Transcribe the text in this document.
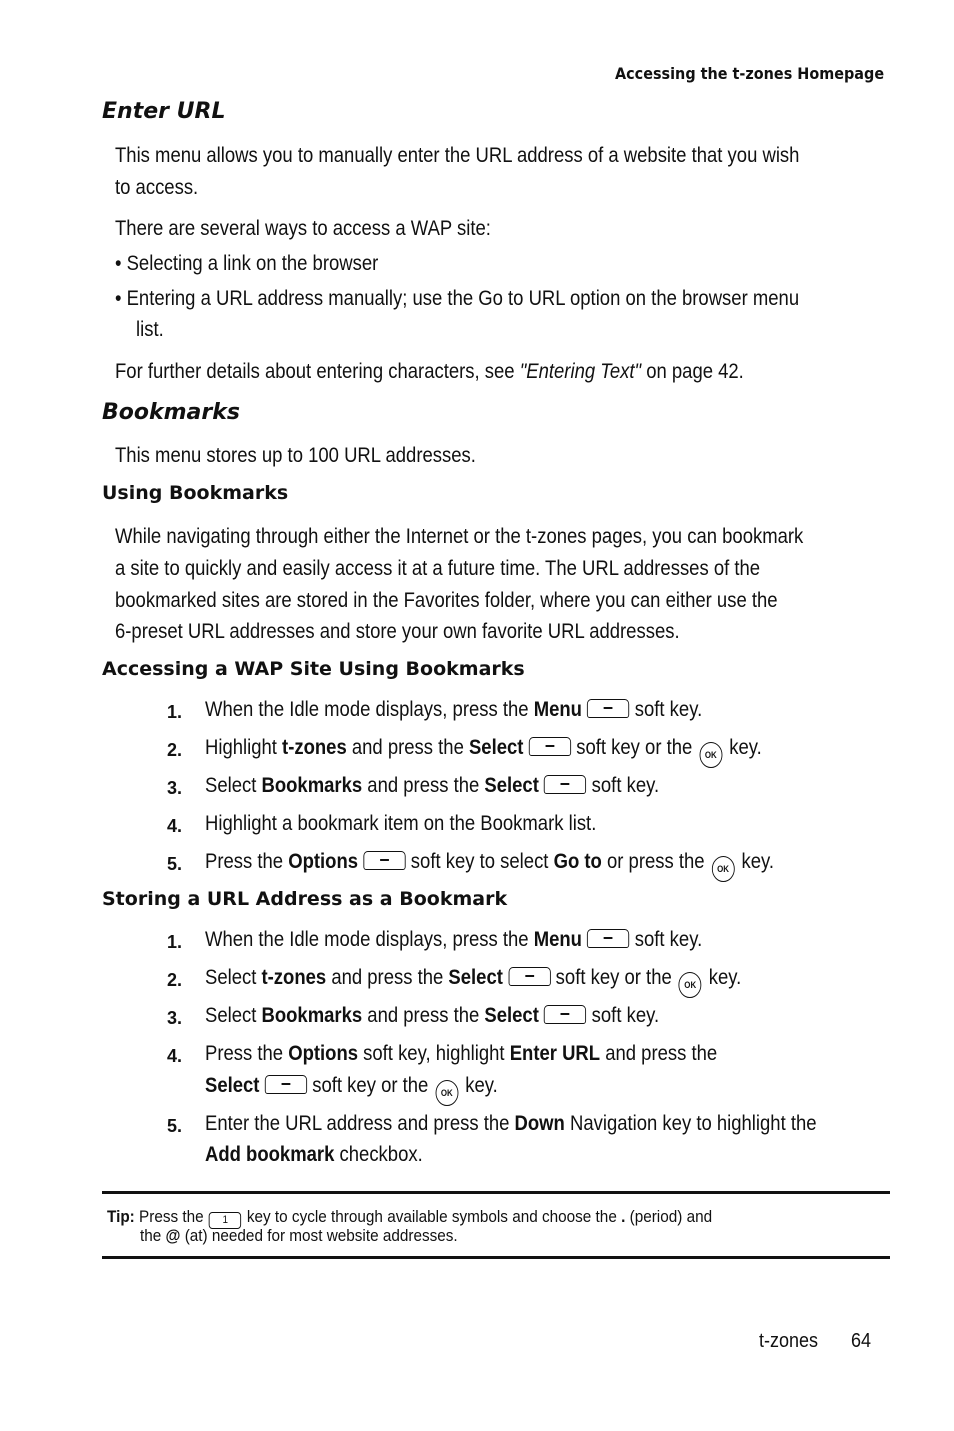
Accessing the t-zones Homepage
Enter URL
This menu allows you to manually enter the URL address of a website that you wish
to access.
There are several ways to access a WAP site:
• Selecting a link on the browser
• Entering a URL address manually; use the Go to URL option on the browser menu
list.
For further details about entering characters, see "Entering Text" on page 42.
Bookmarks
This menu stores up to 100 URL addresses.
Using Bookmarks
While navigating through either the Internet or the t-zones pages, you can bookmark
a site to quickly and easily access it at a future time. The URL addresses of the
bookmarked sites are stored in the Favorites folder, where you can either use the
6-preset URL addresses and store your own favorite URL addresses.
Accessing a WAP Site Using Bookmarks
1. When the Idle mode displays, press the Menu	soft key.
2. Highlight t-zones and press the Select	soft key or the OK key.
3. Select Bookmarks and press the Select	soft key.
4. Highlight a bookmark item on the Bookmark list.
5. Press the Options	soft key to select Go to or press the OK key.
Storing a URL Address as a Bookmark
1. When the Idle mode displays, press the Menu	soft key.
2. Select t-zones and press the Select	soft key or the OK key.
3. Select Bookmarks and press the Select	soft key.
4. Press the Options soft key, highlight Enter URL and press the
Select	soft key or the OK key.
5. Enter the URL address and press the Down Navigation key to highlight the
Add bookmark checkbox.
Tip: Press the 1 key to cycle through available symbols and choose the . (period) and
the @ (at) needed for most website addresses.
t-zones 64
